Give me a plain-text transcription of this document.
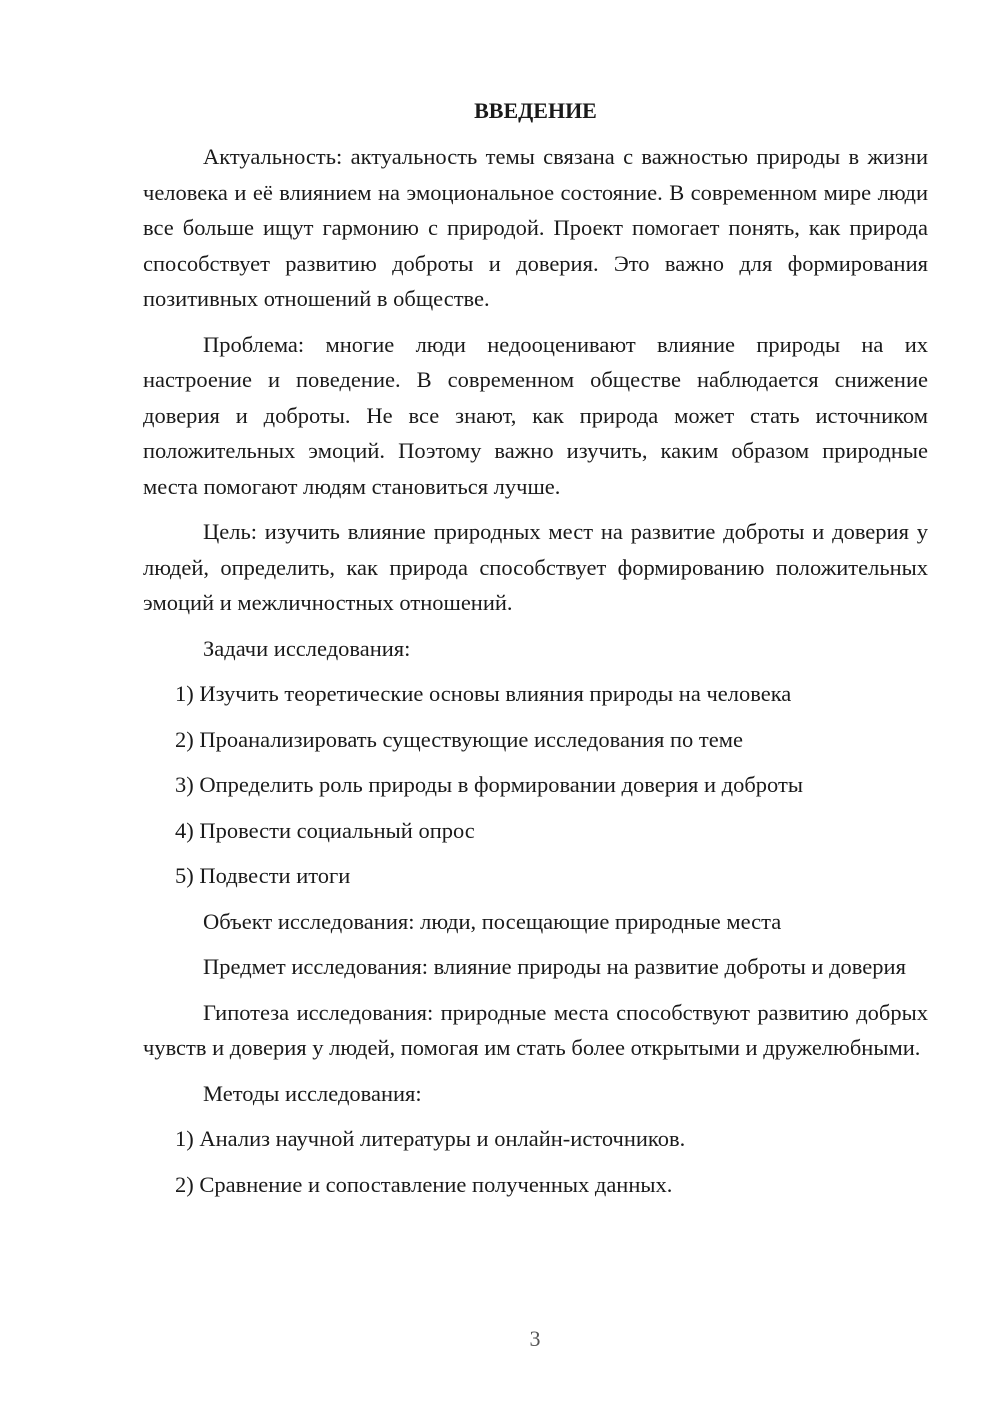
ВВЕДЕНИЕ
Актуальность: актуальность темы связана с важностью природы в жизни человека и её влиянием на эмоциональное состояние. В современном мире люди все больше ищут гармонию с природой. Проект помогает понять, как природа способствует развитию доброты и доверия. Это важно для формирования позитивных отношений в обществе.
Проблема: многие люди недооценивают влияние природы на их настроение и поведение. В современном обществе наблюдается снижение доверия и доброты. Не все знают, как природа может стать источником положительных эмоций. Поэтому важно изучить, каким образом природные места помогают людям становиться лучше.
Цель: изучить влияние природных мест на развитие доброты и доверия у людей, определить, как природа способствует формированию положительных эмоций и межличностных отношений.
Задачи исследования:
1) Изучить теоретические основы влияния природы на человека
2) Проанализировать существующие исследования по теме
3) Определить роль природы в формировании доверия и доброты
4) Провести социальный опрос
5) Подвести итоги
Объект исследования: люди, посещающие природные места
Предмет исследования: влияние природы на развитие доброты и доверия
Гипотеза исследования: природные места способствуют развитию добрых чувств и доверия у людей, помогая им стать более открытыми и дружелюбными.
Методы исследования:
1) Анализ научной литературы и онлайн-источников.
2) Сравнение и сопоставление полученных данных.
3
